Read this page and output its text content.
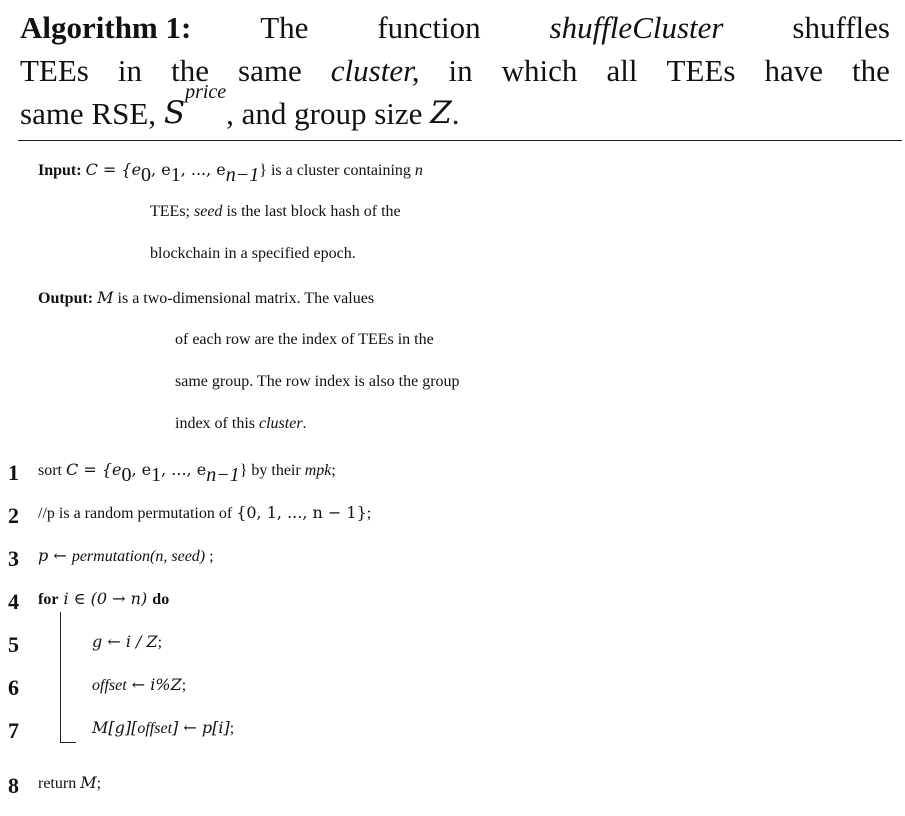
Algorithm 1: The function shuffleCluster shuffles
TEEs in the same cluster, in which all TEEs have the
same RSE, S
price
, and group size Z .
Input: $C = \{e_0$, $e_1$, ..., $e_{n-1}$} is a cluster containing n
TEEs; seed is the last block hash of the
blockchain in a specified epoch.
Output: M is a two-dimensional matrix. The values
of each row are the index of TEEs in the
same group. The row index is also the group
index of this cluster.
1
2
3
4
5
6
7
8
sort $C = \{e_0$, $e_1$, ..., $e_{n-1}$} by their mpk;
//p is a random permutation of {0, 1, ..., n − 1};
p ← permutation(n, seed) ;
for i ∈ (0 → n) do
g ← i / Z;
offset ← i%Z;
M[g][offset] ← p[i];
return M;
